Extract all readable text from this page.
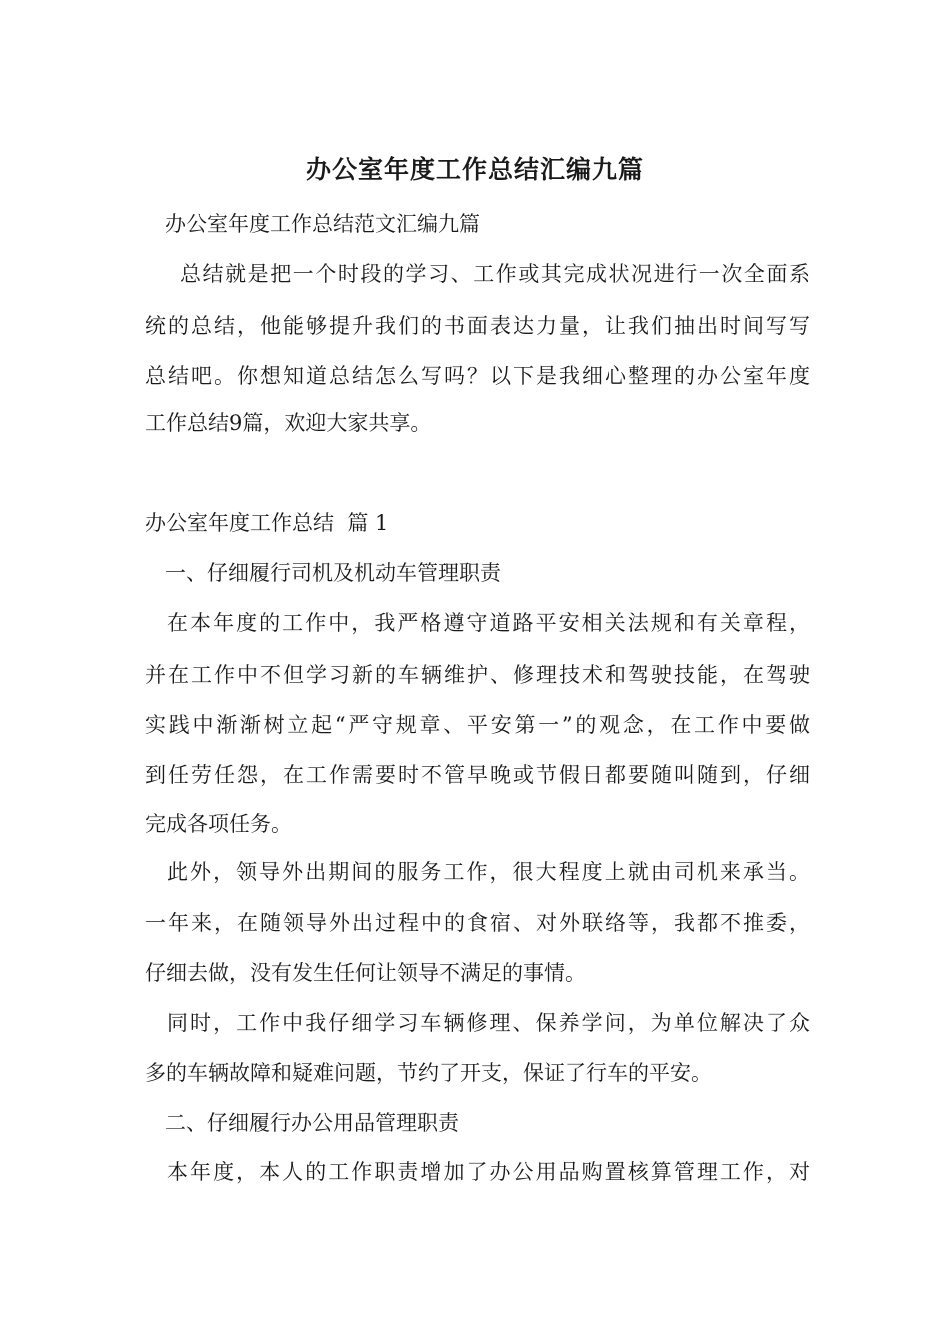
办公室年度工作总结汇编九篇
办公室年度工作总结范文汇编九篇
总结就是把一个时段的学习、工作或其完成状况进行一次全面系
统的总结，他能够提升我们的书面表达力量，让我们抽出时间写写
总结吧。你想知道总结怎么写吗？以下是我细心整理的办公室年度
工作总结9篇，欢迎大家共享。
办公室年度工作总结  篇 1
一、仔细履行司机及机动车管理职责
在本年度的工作中，我严格遵守道路平安相关法规和有关章程，
并在工作中不但学习新的车辆维护、修理技术和驾驶技能，在驾驶
实践中渐渐树立起“严守规章、平安第一”的观念，在工作中要做
到任劳任怨，在工作需要时不管早晚或节假日都要随叫随到，仔细
完成各项任务。
此外，领导外出期间的服务工作，很大程度上就由司机来承当。
一年来，在随领导外出过程中的食宿、对外联络等，我都不推委，
仔细去做，没有发生任何让领导不满足的事情。
同时，工作中我仔细学习车辆修理、保养学问，为单位解决了众
多的车辆故障和疑难问题，节约了开支，保证了行车的平安。
二、仔细履行办公用品管理职责
本年度，本人的工作职责增加了办公用品购置核算管理工作，对
